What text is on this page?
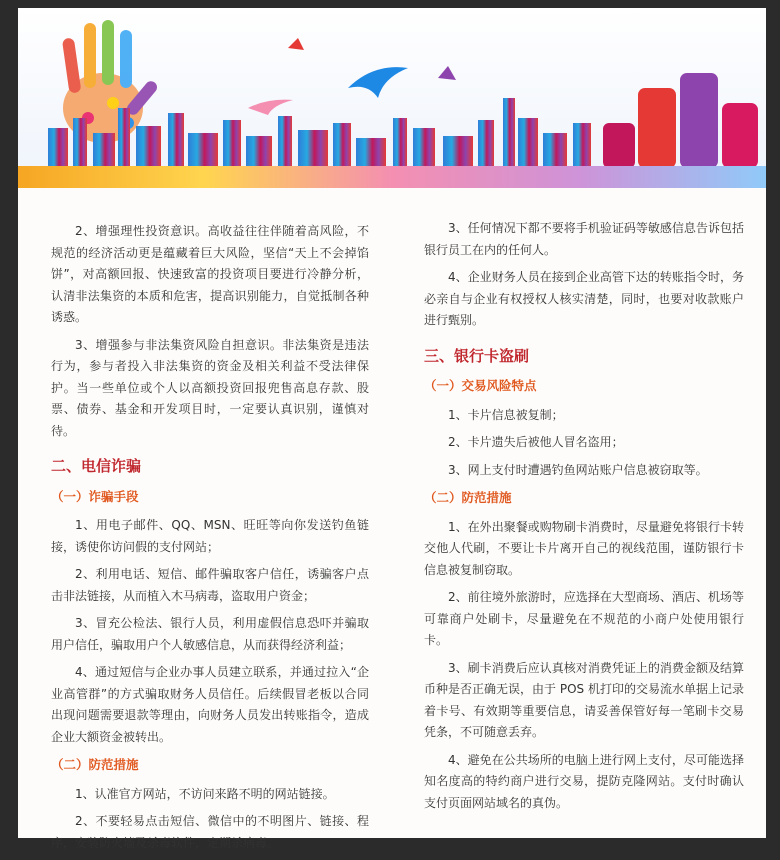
2、增强理性投资意识。高收益往往伴随着高风险，不规范的经济活动更是蕴藏着巨大风险，坚信“天上不会掉馅饼”，对高额回报、快速致富的投资项目要进行冷静分析，认清非法集资的本质和危害，提高识别能力，自觉抵制各种诱惑。
3、增强参与非法集资风险自担意识。非法集资是违法行为，参与者投入非法集资的资金及相关利益不受法律保护。当一些单位或个人以高额投资回报兜售高息存款、股票、债券、基金和开发项目时，一定要认真识别，谨慎对待。
二、电信诈骗
（一）诈骗手段
1、用电子邮件、QQ、MSN、旺旺等向你发送钓鱼链接，诱使你访问假的支付网站；
2、利用电话、短信、邮件骗取客户信任，诱骗客户点击非法链接，从而植入木马病毒，盗取用户资金；
3、冒充公检法、银行人员，利用虚假信息恐吓并骗取用户信任，骗取用户个人敏感信息，从而获得经济利益；
4、通过短信与企业办事人员建立联系，并通过拉入“企业高管群”的方式骗取财务人员信任。后续假冒老板以合同出现问题需要退款等理由，向财务人员发出转账指令，造成企业大额资金被转出。
（二）防范措施
1、认准官方网站，不访问来路不明的网站链接。
2、不要轻易点击短信、微信中的不明图片、链接、程序，安装防火墙及杀毒软件，定期杀病毒。
3、任何情况下都不要将手机验证码等敏感信息告诉包括银行员工在内的任何人。
4、企业财务人员在接到企业高管下达的转账指令时，务必亲自与企业有权授权人核实清楚，同时，也要对收款账户进行甄别。
三、银行卡盗刷
（一）交易风险特点
1、卡片信息被复制；
2、卡片遗失后被他人冒名盗用；
3、网上支付时遭遇钓鱼网站账户信息被窃取等。
（二）防范措施
1、在外出聚餐或购物刷卡消费时，尽量避免将银行卡转交他人代刷，不要让卡片离开自己的视线范围，谨防银行卡信息被复制窃取。
2、前往境外旅游时，应选择在大型商场、酒店、机场等可靠商户处刷卡，尽量避免在不规范的小商户处使用银行卡。
3、刷卡消费后应认真核对消费凭证上的消费金额及结算币种是否正确无误，由于 POS 机打印的交易流水单据上记录着卡号、有效期等重要信息，请妥善保管好每一笔刷卡交易凭条，不可随意丢弃。
4、避免在公共场所的电脑上进行网上支付，尽可能选择知名度高的特约商户进行交易，提防克隆网站。支付时确认支付页面网站域名的真伪。
